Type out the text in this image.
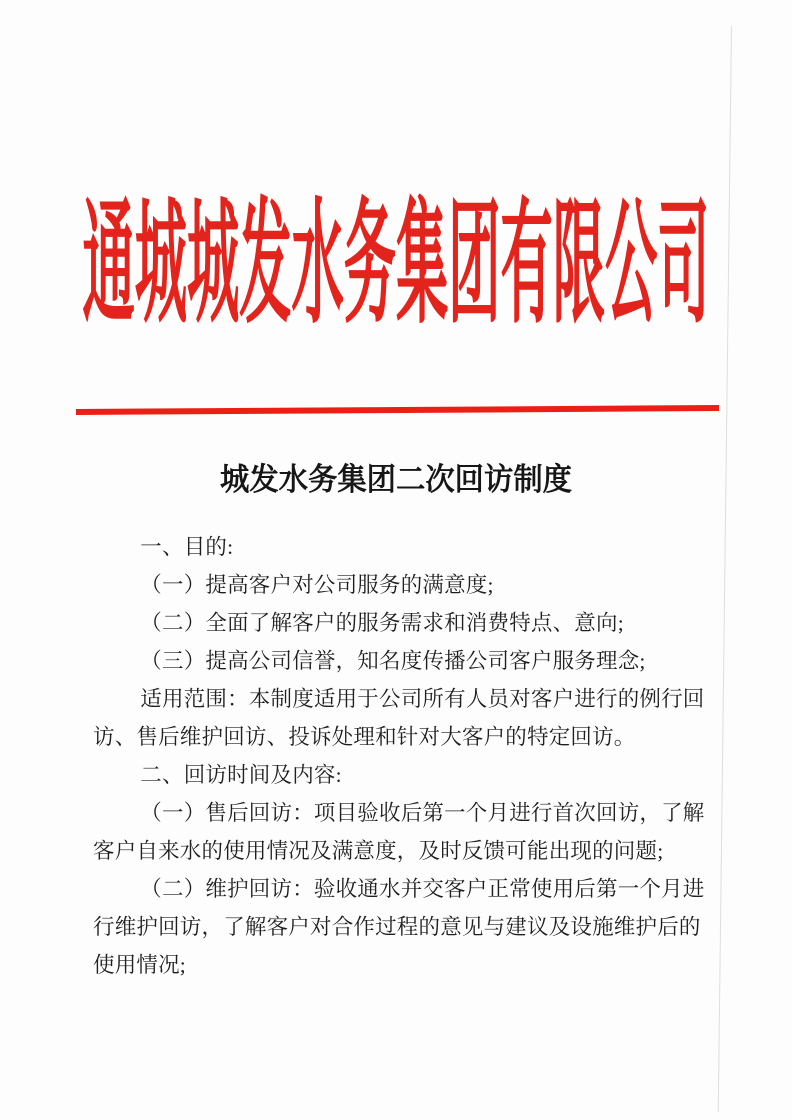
通城城发水务集团有限公司
城发水务集团二次回访制度
一、目的:
（一）提高客户对公司服务的满意度;
（二）全面了解客户的服务需求和消费特点、意向;
（三）提高公司信誉，知名度传播公司客户服务理念;
适用范围：本制度适用于公司所有人员对客户进行的例行回
访、售后维护回访、投诉处理和针对大客户的特定回访。
二、回访时间及内容:
（一）售后回访：项目验收后第一个月进行首次回访，了解
客户自来水的使用情况及满意度，及时反馈可能出现的问题;
（二）维护回访：验收通水并交客户正常使用后第一个月进
行维护回访，了解客户对合作过程的意见与建议及设施维护后的
使用情况;
